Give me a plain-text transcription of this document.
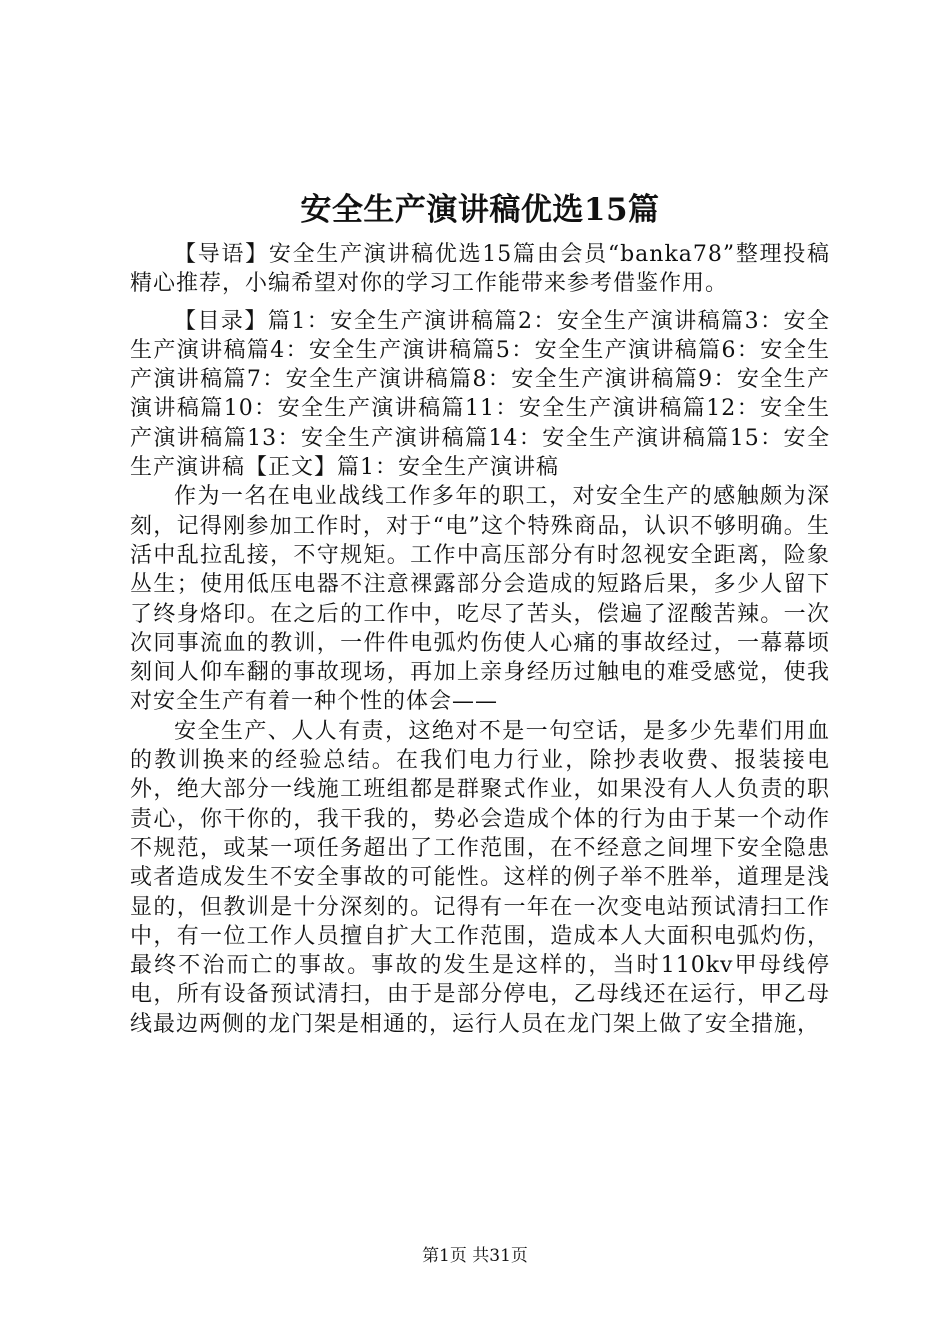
安全生产演讲稿优选15篇

【导语】安全生产演讲稿优选15篇由会员“banka78”整理投稿精心推荐，小编希望对你的学习工作能带来参考借鉴作用。

【目录】篇1：安全生产演讲稿篇2：安全生产演讲稿篇3：安全生产演讲稿篇4：安全生产演讲稿篇5：安全生产演讲稿篇6：安全生产演讲稿篇7：安全生产演讲稿篇8：安全生产演讲稿篇9：安全生产演讲稿篇10：安全生产演讲稿篇11：安全生产演讲稿篇12：安全生产演讲稿篇13：安全生产演讲稿篇14：安全生产演讲稿篇15：安全生产演讲稿【正文】篇1：安全生产演讲稿

作为一名在电业战线工作多年的职工，对安全生产的感触颇为深刻，记得刚参加工作时，对于“电”这个特殊商品，认识不够明确。生活中乱拉乱接，不守规矩。工作中高压部分有时忽视安全距离，险象丛生；使用低压电器不注意裸露部分会造成的短路后果，多少人留下了终身烙印。在之后的工作中，吃尽了苦头，偿遍了涩酸苦辣。一次次同事流血的教训，一件件电弧灼伤使人心痛的事故经过，一幕幕顷刻间人仰车翻的事故现场，再加上亲身经历过触电的难受感觉，使我对安全生产有着一种个性的体会——

安全生产、人人有责，这绝对不是一句空话，是多少先辈们用血的教训换来的经验总结。在我们电力行业，除抄表收费、报装接电外，绝大部分一线施工班组都是群聚式作业，如果没有人人负责的职责心，你干你的，我干我的，势必会造成个体的行为由于某一个动作不规范，或某一项任务超出了工作范围，在不经意之间埋下安全隐患或者造成发生不安全事故的可能性。这样的例子举不胜举，道理是浅显的，但教训是十分深刻的。记得有一年在一次变电站预试清扫工作中，有一位工作人员擅自扩大工作范围，造成本人大面积电弧灼伤，最终不治而亡的事故。事故的发生是这样的，当时110kv甲母线停电，所有设备预试清扫，由于是部分停电，乙母线还在运行，甲乙母线最边两侧的龙门架是相通的，运行人员在龙门架上做了安全措施，

第1页 共31页
